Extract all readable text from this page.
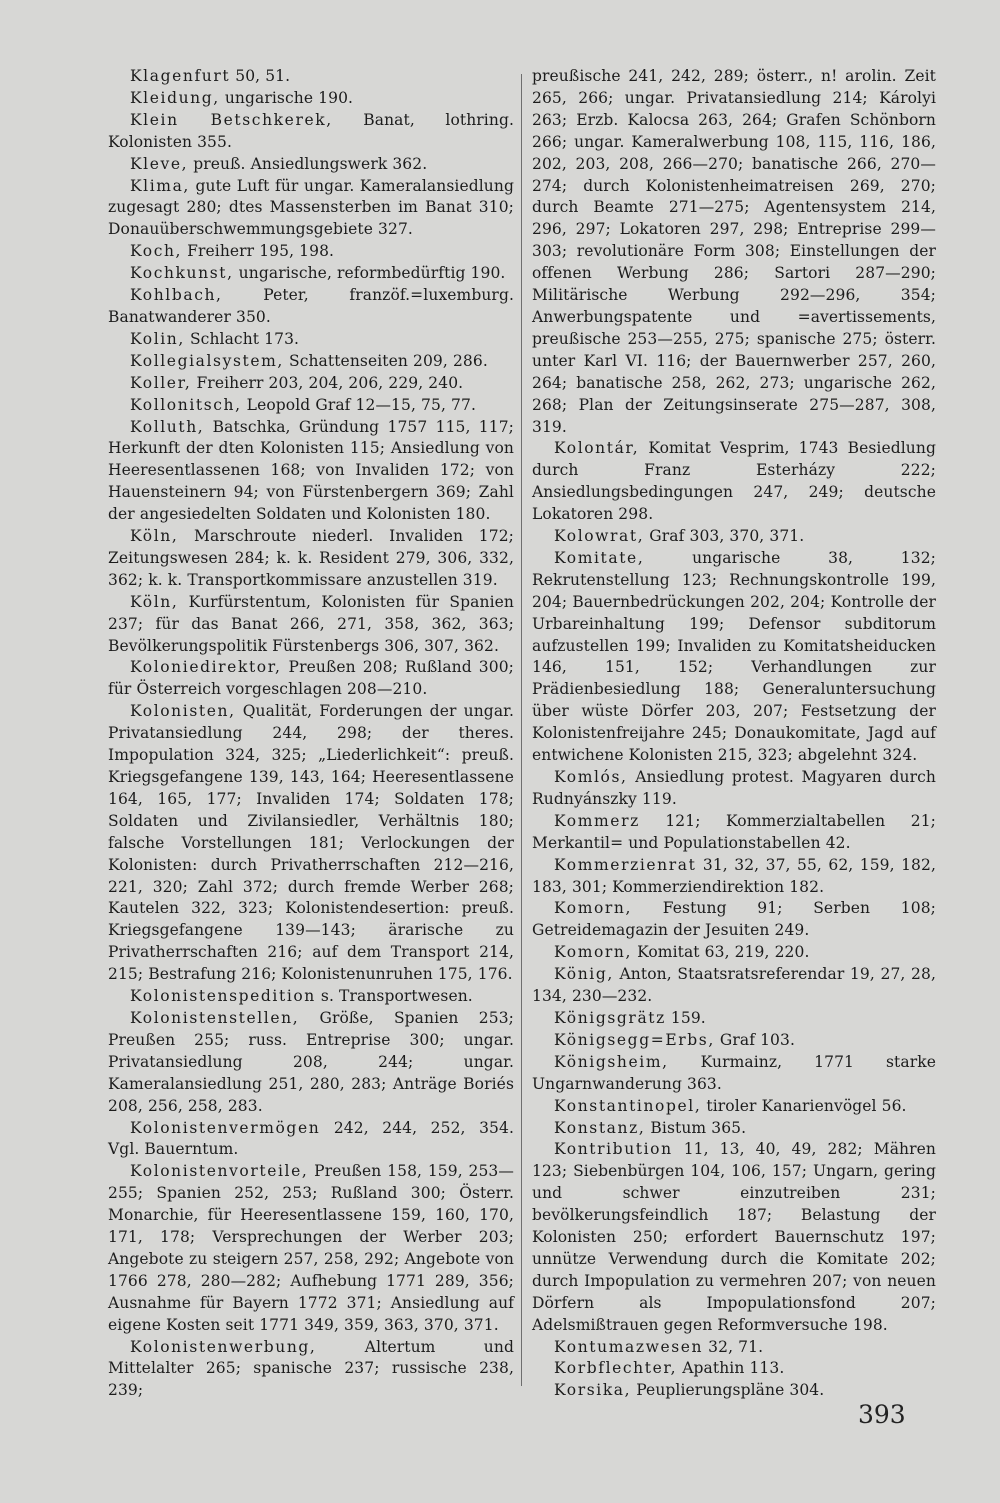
Klagenfurt 50, 51.

Kleidung, ungarische 190.

Klein Betschkerek, Banat, lothring. Kolonisten 355.

Kleve, preuß. Ansiedlungswerk 362.

Klima, gute Luft für ungar. Kameralansiedlung zugesagt 280; dtes Massensterben im Banat 310; Donauüberschwemmungsgebiete 327.

Koch, Freiherr 195, 198.

Kochkunst, ungarische, reformbedürftig 190.

Kohlbach, Peter, franzöf.=luxemburg. Banatwanderer 350.

Kolin, Schlacht 173.

Kollegialsystem, Schattenseiten 209, 286.

Koller, Freiherr 203, 204, 206, 229, 240.

Kollonitsch, Leopold Graf 12—15, 75, 77.

Kolluth, Batschka, Gründung 1757 115, 117; Herkunft der dten Kolonisten 115; Ansiedlung von Heeresentlassenen 168; von Invaliden 172; von Hauensteinern 94; von Fürstenbergern 369; Zahl der angesiedelten Soldaten und Kolonisten 180.

Köln, Marschroute niederl. Invaliden 172; Zeitungswesen 284; k. k. Resident 279, 306, 332, 362; k. k. Transportkommissare anzustellen 319.

Köln, Kurfürstentum, Kolonisten für Spanien 237; für das Banat 266, 271, 358, 362, 363; Bevölkerungspolitik Fürstenbergs 306, 307, 362.

Koloniedirektor, Preußen 208; Rußland 300; für Österreich vorgeschlagen 208—210.

Kolonisten, Qualität, Forderungen der ungar. Privatansiedlung 244, 298; der theres. Impopulation 324, 325; „Liederlichkeit“: preuß. Kriegsgefangene 139, 143, 164; Heeresentlassene 164, 165, 177; Invaliden 174; Soldaten 178; Soldaten und Zivilansiedler, Verhältnis 180; falsche Vorstellungen 181; Verlockungen der Kolonisten: durch Privatherrschaften 212—216, 221, 320; Zahl 372; durch fremde Werber 268; Kautelen 322, 323; Kolonistendesertion: preuß. Kriegsgefangene 139—143; ärarische zu Privatherrschaften 216; auf dem Transport 214, 215; Bestrafung 216; Kolonistenunruhen 175, 176.

Kolonistenspedition s. Transportwesen.

Kolonistenstellen, Größe, Spanien 253; Preußen 255; russ. Entreprise 300; ungar. Privatansiedlung 208, 244; ungar. Kameralansiedlung 251, 280, 283; Anträge Boriés 208, 256, 258, 283.

Kolonistenvermögen 242, 244, 252, 354. Vgl. Bauerntum.

Kolonistenvorteile, Preußen 158, 159, 253—255; Spanien 252, 253; Rußland 300; Österr. Monarchie, für Heeresentlassene 159, 160, 170, 171, 178; Versprechungen der Werber 203; Angebote zu steigern 257, 258, 292; Angebote von 1766 278, 280—282; Aufhebung 1771 289, 356; Ausnahme für Bayern 1772 371; Ansiedlung auf eigene Kosten seit 1771 349, 359, 363, 370, 371.

Kolonistenwerbung, Altertum und Mittelalter 265; spanische 237; russische 238, 239;

preußische 241, 242, 289; österr., n! arolin. Zeit 265, 266; ungar. Privatansiedlung 214; Károlyi 263; Erzb. Kalocsa 263, 264; Grafen Schönborn 266; ungar. Kameralwerbung 108, 115, 116, 186, 202, 203, 208, 266—270; banatische 266, 270—274; durch Kolonistenheimatreisen 269, 270; durch Beamte 271—275; Agentensystem 214, 296, 297; Lokatoren 297, 298; Entreprise 299—303; revolutionäre Form 308; Einstellungen der offenen Werbung 286; Sartori 287—290; Militärische Werbung 292—296, 354; Anwerbungspatente und =avertissements, preußische 253—255, 275; spanische 275; österr. unter Karl VI. 116; der Bauernwerber 257, 260, 264; banatische 258, 262, 273; ungarische 262, 268; Plan der Zeitungsinserate 275—287, 308, 319.

Kolontár, Komitat Vesprim, 1743 Besiedlung durch Franz Esterházy 222; Ansiedlungsbedingungen 247, 249; deutsche Lokatoren 298.

Kolowrat, Graf 303, 370, 371.

Komitate, ungarische 38, 132; Rekrutenstellung 123; Rechnungskontrolle 199, 204; Bauernbedrückungen 202, 204; Kontrolle der Urbareinhaltung 199; Defensor subditorum aufzustellen 199; Invaliden zu Komitatsheiducken 146, 151, 152; Verhandlungen zur Prädienbesiedlung 188; Generaluntersuchung über wüste Dörfer 203, 207; Festsetzung der Kolonistenfreijahre 245; Donaukomitate, Jagd auf entwichene Kolonisten 215, 323; abgelehnt 324.

Komlós, Ansiedlung protest. Magyaren durch Rudnyánszky 119.

Kommerz 121; Kommerzialtabellen 21; Merkantil= und Populationstabellen 42.

Kommerzienrat 31, 32, 37, 55, 62, 159, 182, 183, 301; Kommerziendirektion 182.

Komorn, Festung 91; Serben 108; Getreidemagazin der Jesuiten 249.

Komorn, Komitat 63, 219, 220.

König, Anton, Staatsratsreferendar 19, 27, 28, 134, 230—232.

Königsgrätz 159.

Königsegg=Erbs, Graf 103.

Königsheim, Kurmainz, 1771 starke Ungarnwanderung 363.

Konstantinopel, tiroler Kanarienvögel 56.

Konstanz, Bistum 365.

Kontribution 11, 13, 40, 49, 282; Mähren 123; Siebenbürgen 104, 106, 157; Ungarn, gering und schwer einzutreiben 231; bevölkerungsfeindlich 187; Belastung der Kolonisten 250; erfordert Bauernschutz 197; unnütze Verwendung durch die Komitate 202; durch Impopulation zu vermehren 207; von neuen Dörfern als Impopulationsfond 207; Adelsmißtrauen gegen Reformversuche 198.

Kontumazwesen 32, 71.

Korbflechter, Apathin 113.

Korsika, Peuplierungspläne 304.

393
